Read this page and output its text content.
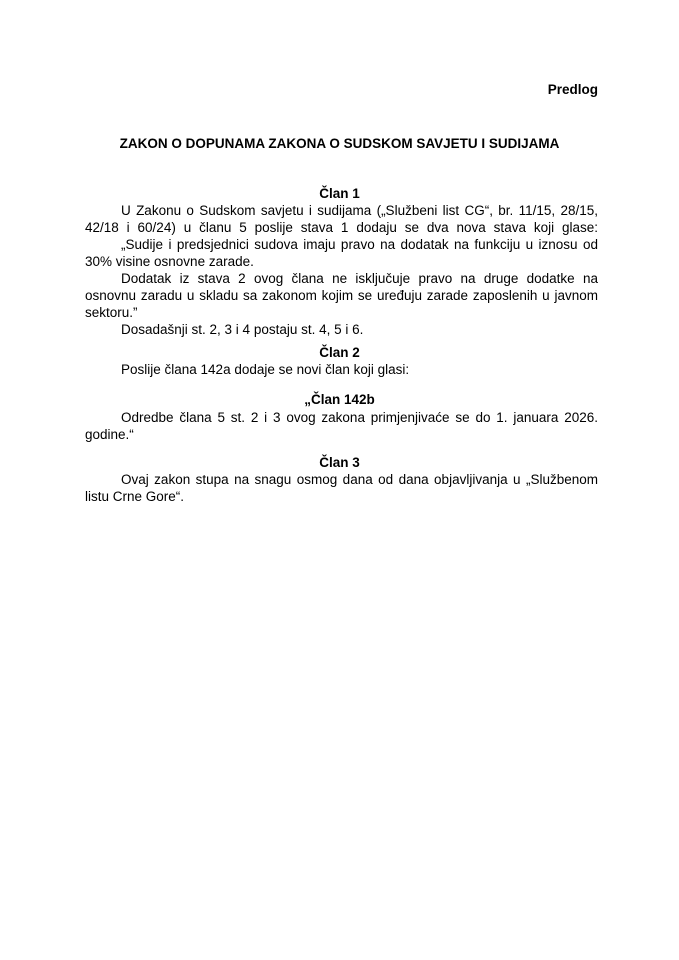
Predlog
ZAKON O DOPUNAMA ZAKONA O SUDSKOM SAVJETU I SUDIJAMA
Član 1
U Zakonu o Sudskom savjetu i sudijama („Službeni list CG“, br. 11/15, 28/15,
42/18 i 60/24) u članu 5 poslije stava 1 dodaju se dva nova stava koji glase:
„Sudije i predsjednici sudova imaju pravo na dodatak na funkciju u iznosu od
30% visine osnovne zarade.
Dodatak iz stava 2 ovog člana ne isključuje pravo na druge dodatke na
osnovnu zaradu u skladu sa zakonom kojim se uređuju zarade zaposlenih u javnom
sektoru.”
Dosadašnji st. 2, 3 i 4 postaju st. 4, 5 i 6.
Član 2
Poslije člana 142a dodaje se novi član koji glasi:
„Član 142b
Odredbe člana 5 st. 2 i 3 ovog zakona primjenjivaće se do 1. januara 2026.
godine.“
Član 3
Ovaj zakon stupa na snagu osmog dana od dana objavljivanja u „Službenom
listu Crne Gore“.
